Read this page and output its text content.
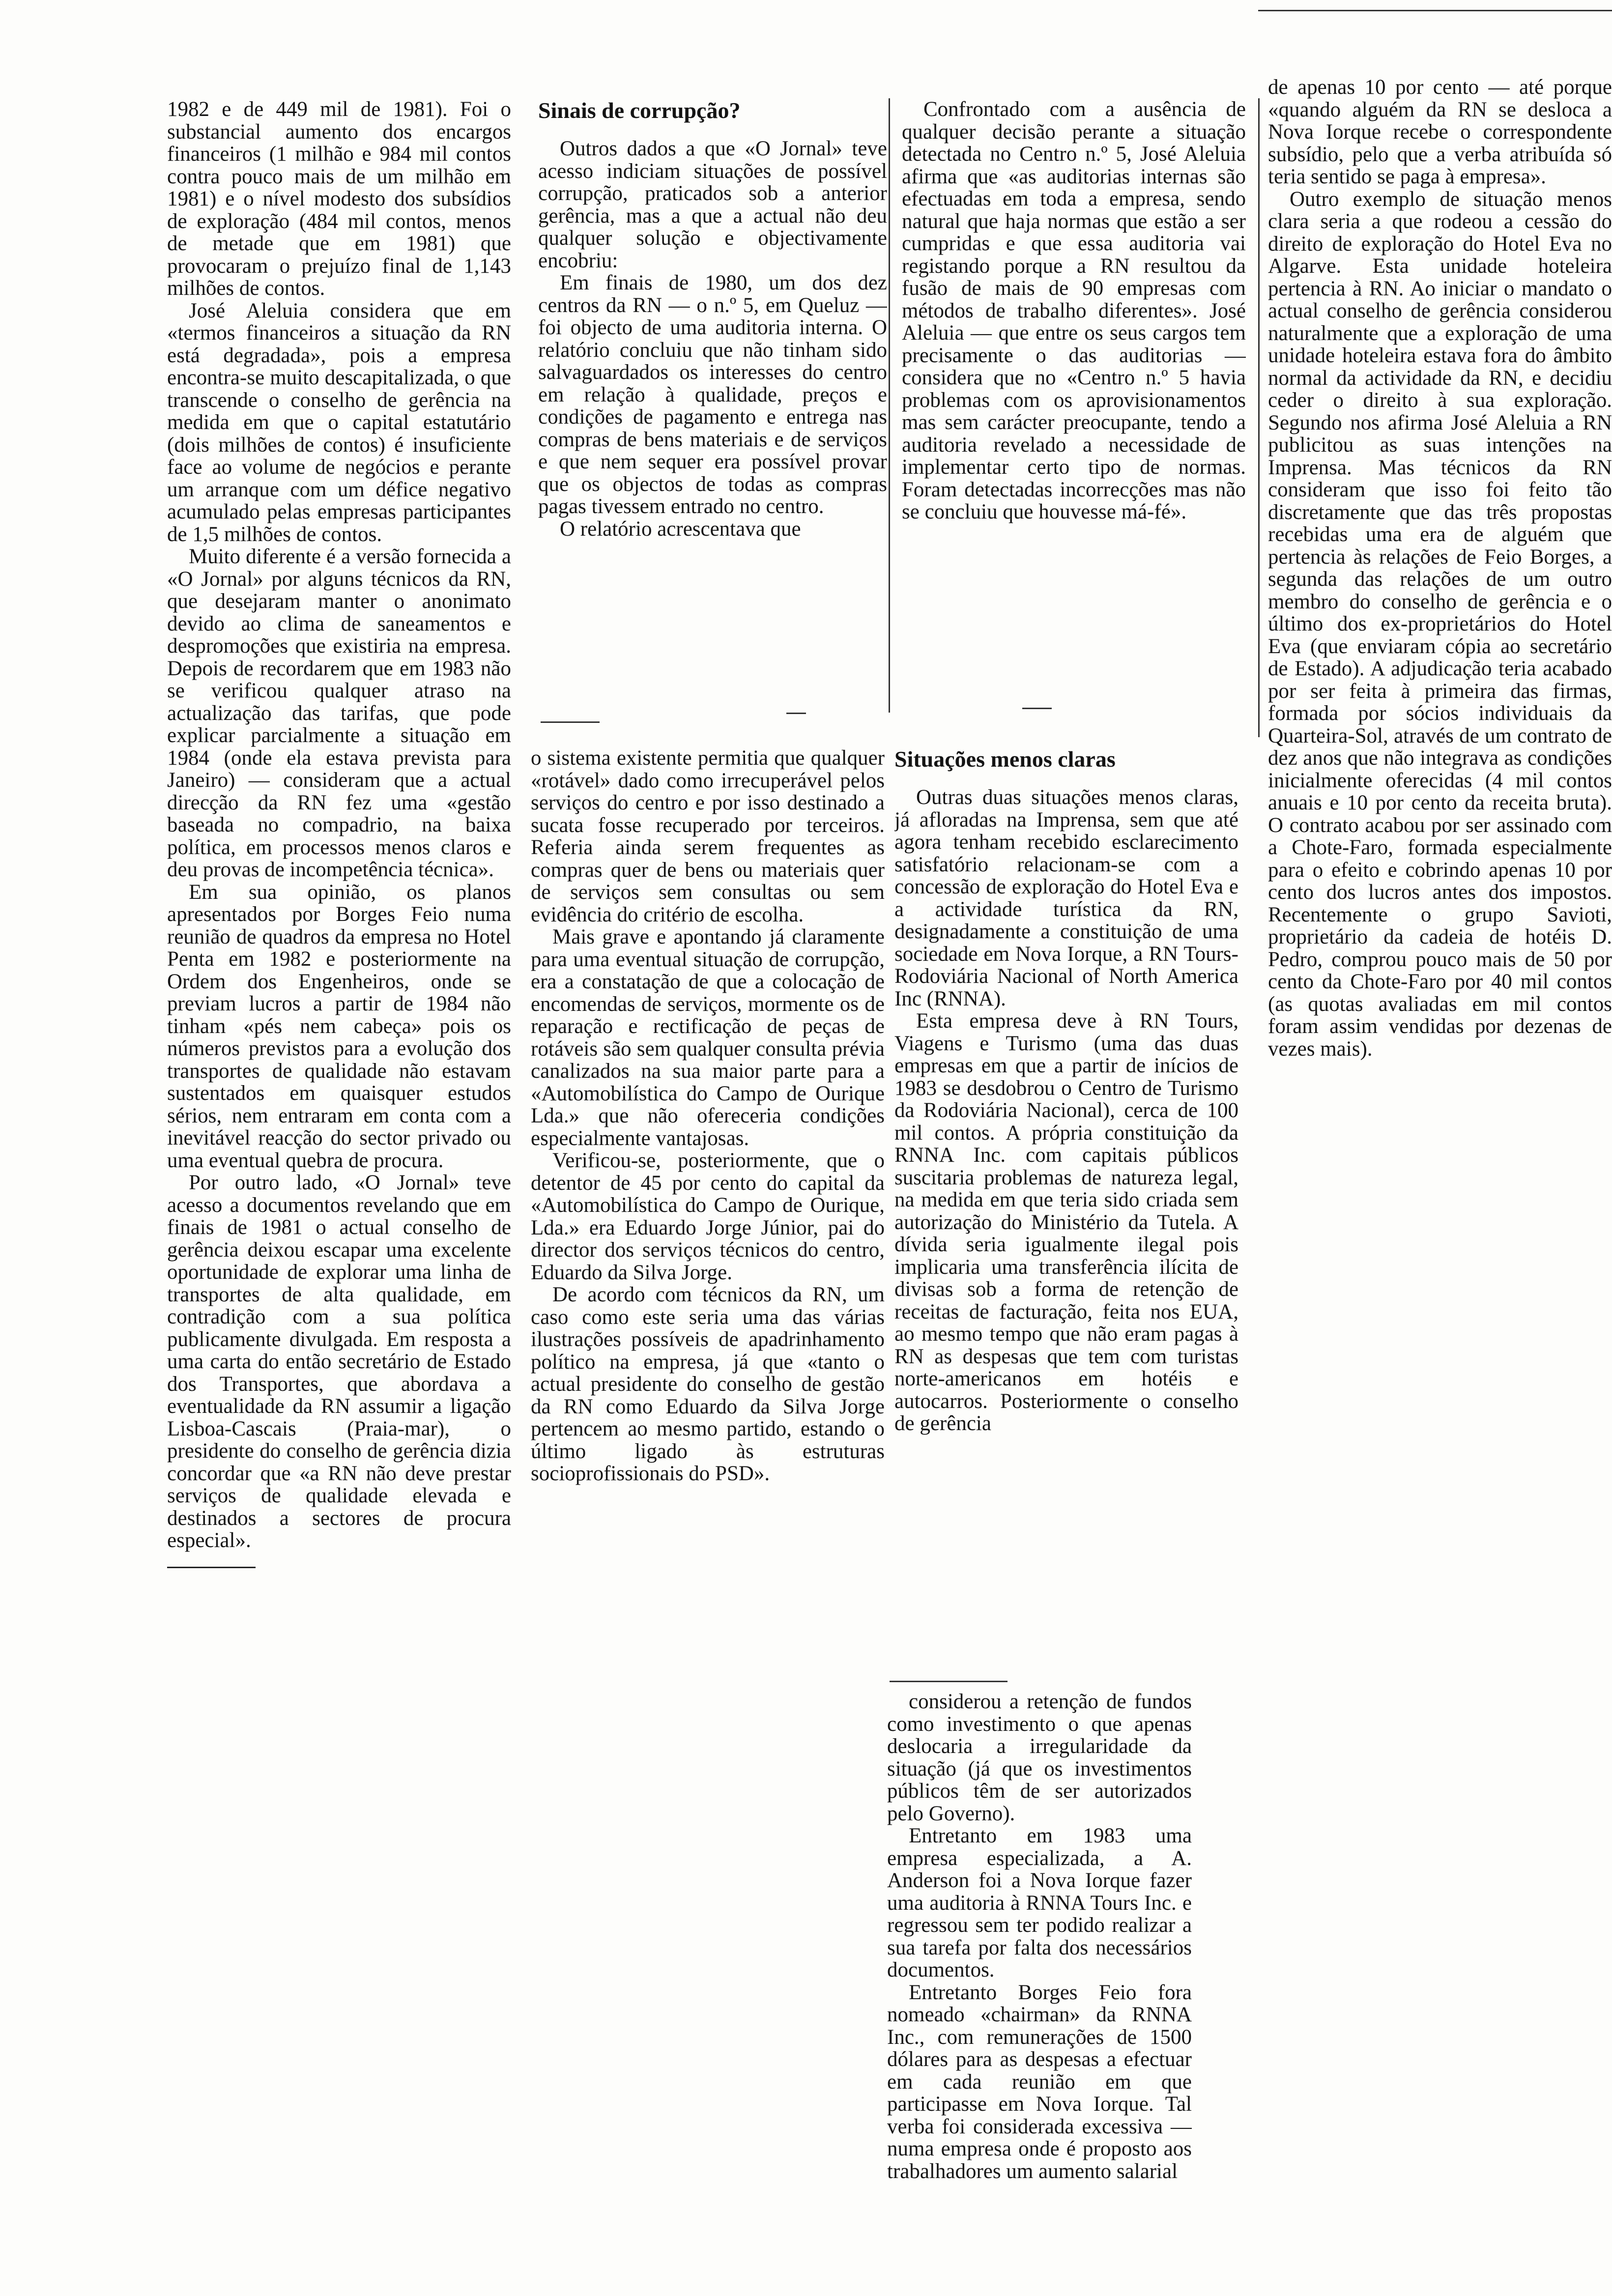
1982 e de 449 mil de 1981). Foi o substancial aumento dos encargos financeiros (1 milhão e 984 mil contos contra pouco mais de um milhão em 1981) e o nível modesto dos subsídios de exploração (484 mil contos, menos de metade que em 1981) que provocaram o prejuízo final de 1,143 milhões de contos.

José Aleluia considera que em «termos financeiros a situação da RN está degradada», pois a empresa encontra-se muito descapitalizada, o que transcende o conselho de gerência na medida em que o capital estatutário (dois milhões de contos) é insuficiente face ao volume de negócios e perante um arranque com um défice negativo acumulado pelas empresas participantes de 1,5 milhões de contos.

Muito diferente é a versão fornecida a «O Jornal» por alguns técnicos da RN, que desejaram manter o anonimato devido ao clima de saneamentos e despromoções que existiria na empresa. Depois de recordarem que em 1983 não se verificou qualquer atraso na actualização das tarifas, que pode explicar parcialmente a situação em 1984 (onde ela estava prevista para Janeiro) — consideram que a actual direcção da RN fez uma «gestão baseada no compadrio, na baixa política, em processos menos claros e deu provas de incompetência técnica».

Em sua opinião, os planos apresentados por Borges Feio numa reunião de quadros da empresa no Hotel Penta em 1982 e posteriormente na Ordem dos Engenheiros, onde se previam lucros a partir de 1984 não tinham «pés nem cabeça» pois os números previstos para a evolução dos transportes de qualidade não estavam sustentados em quaisquer estudos sérios, nem entraram em conta com a inevitável reacção do sector privado ou uma eventual quebra de procura.

Por outro lado, «O Jornal» teve acesso a documentos revelando que em finais de 1981 o actual conselho de gerência deixou escapar uma excelente oportunidade de explorar uma linha de transportes de alta qualidade, em contradição com a sua política publicamente divulgada. Em resposta a uma carta do então secretário de Estado dos Transportes, que abordava a eventualidade da RN assumir a ligação Lisboa-Cascais (Praia-mar), o presidente do conselho de gerência dizia concordar que «a RN não deve prestar serviços de qualidade elevada e destinados a sectores de procura especial».

Sinais de corrupção?

Outros dados a que «O Jornal» teve acesso indiciam situações de possível corrupção, praticados sob a anterior gerência, mas a que a actual não deu qualquer solução e objectivamente encobriu:

Em finais de 1980, um dos dez centros da RN — o n.º 5, em Queluz — foi objecto de uma auditoria interna. O relatório concluiu que não tinham sido salvaguardados os interesses do centro em relação à qualidade, preços e condições de pagamento e entrega nas compras de bens materiais e de serviços e que nem sequer era possível provar que os objectos de todas as compras pagas tivessem entrado no centro.

O relatório acrescentava que

o sistema existente permitia que qualquer «rotável» dado como irrecuperável pelos serviços do centro e por isso destinado a sucata fosse recuperado por terceiros. Referia ainda serem frequentes as compras quer de bens ou materiais quer de serviços sem consultas ou sem evidência do critério de escolha.

Mais grave e apontando já claramente para uma eventual situação de corrupção, era a constatação de que a colocação de encomendas de serviços, mormente os de reparação e rectificação de peças de rotáveis são sem qualquer consulta prévia canalizados na sua maior parte para a «Automobilística do Campo de Ourique Lda.» que não ofereceria condições especialmente vantajosas.

Verificou-se, posteriormente, que o detentor de 45 por cento do capital da «Automobilística do Campo de Ourique, Lda.» era Eduardo Jorge Júnior, pai do director dos serviços técnicos do centro, Eduardo da Silva Jorge.

De acordo com técnicos da RN, um caso como este seria uma das várias ilustrações possíveis de apadrinhamento político na empresa, já que «tanto o actual presidente do conselho de gestão da RN como Eduardo da Silva Jorge pertencem ao mesmo partido, estando o último ligado às estruturas socioprofissionais do PSD».

Confrontado com a ausência de qualquer decisão perante a situação detectada no Centro n.º 5, José Aleluia afirma que «as auditorias internas são efectuadas em toda a empresa, sendo natural que haja normas que estão a ser cumpridas e que essa auditoria vai registando porque a RN resultou da fusão de mais de 90 empresas com métodos de trabalho diferentes». José Aleluia — que entre os seus cargos tem precisamente o das auditorias — considera que no «Centro n.º 5 havia problemas com os aprovisionamentos mas sem carácter preocupante, tendo a auditoria revelado a necessidade de implementar certo tipo de normas. Foram detectadas incorrecções mas não se concluiu que houvesse má-fé».

Situações menos claras

Outras duas situações menos claras, já afloradas na Imprensa, sem que até agora tenham recebido esclarecimento satisfatório relacionam-se com a concessão de exploração do Hotel Eva e a actividade turística da RN, designadamente a constituição de uma sociedade em Nova Iorque, a RN Tours-Rodoviária Nacional of North America Inc (RNNA).

Esta empresa deve à RN Tours, Viagens e Turismo (uma das duas empresas em que a partir de inícios de 1983 se desdobrou o Centro de Turismo da Rodoviária Nacional), cerca de 100 mil contos. A própria constituição da RNNA Inc. com capitais públicos suscitaria problemas de natureza legal, na medida em que teria sido criada sem autorização do Ministério da Tutela. A dívida seria igualmente ilegal pois implicaria uma transferência ilícita de divisas sob a forma de retenção de receitas de facturação, feita nos EUA, ao mesmo tempo que não eram pagas à RN as despesas que tem com turistas norte-americanos em hotéis e autocarros. Posteriormente o conselho de gerência

considerou a retenção de fundos como investimento o que apenas deslocaria a irregularidade da situação (já que os investimentos públicos têm de ser autorizados pelo Governo).

Entretanto em 1983 uma empresa especializada, a A. Anderson foi a Nova Iorque fazer uma auditoria à RNNA Tours Inc. e regressou sem ter podido realizar a sua tarefa por falta dos necessários documentos.

Entretanto Borges Feio fora nomeado «chairman» da RNNA Inc., com remunerações de 1500 dólares para as despesas a efectuar em cada reunião em que participasse em Nova Iorque. Tal verba foi considerada excessiva — numa empresa onde é proposto aos trabalhadores um aumento salarial

de apenas 10 por cento — até porque «quando alguém da RN se desloca a Nova Iorque recebe o correspondente subsídio, pelo que a verba atribuída só teria sentido se paga à empresa».

Outro exemplo de situação menos clara seria a que rodeou a cessão do direito de exploração do Hotel Eva no Algarve. Esta unidade hoteleira pertencia à RN. Ao iniciar o mandato o actual conselho de gerência considerou naturalmente que a exploração de uma unidade hoteleira estava fora do âmbito normal da actividade da RN, e decidiu ceder o direito à sua exploração. Segundo nos afirma José Aleluia a RN publicitou as suas intenções na Imprensa. Mas técnicos da RN consideram que isso foi feito tão discretamente que das três propostas recebidas uma era de alguém que pertencia às relações de Feio Borges, a segunda das relações de um outro membro do conselho de gerência e o último dos ex-proprietários do Hotel Eva (que enviaram cópia ao secretário de Estado). A adjudicação teria acabado por ser feita à primeira das firmas, formada por sócios individuais da Quarteira-Sol, através de um contrato de dez anos que não integrava as condições inicialmente oferecidas (4 mil contos anuais e 10 por cento da receita bruta). O contrato acabou por ser assinado com a Chote-Faro, formada especialmente para o efeito e cobrindo apenas 10 por cento dos lucros antes dos impostos. Recentemente o grupo Savioti, proprietário da cadeia de hotéis D. Pedro, comprou pouco mais de 50 por cento da Chote-Faro por 40 mil contos (as quotas avaliadas em mil contos foram assim vendidas por dezenas de vezes mais).
